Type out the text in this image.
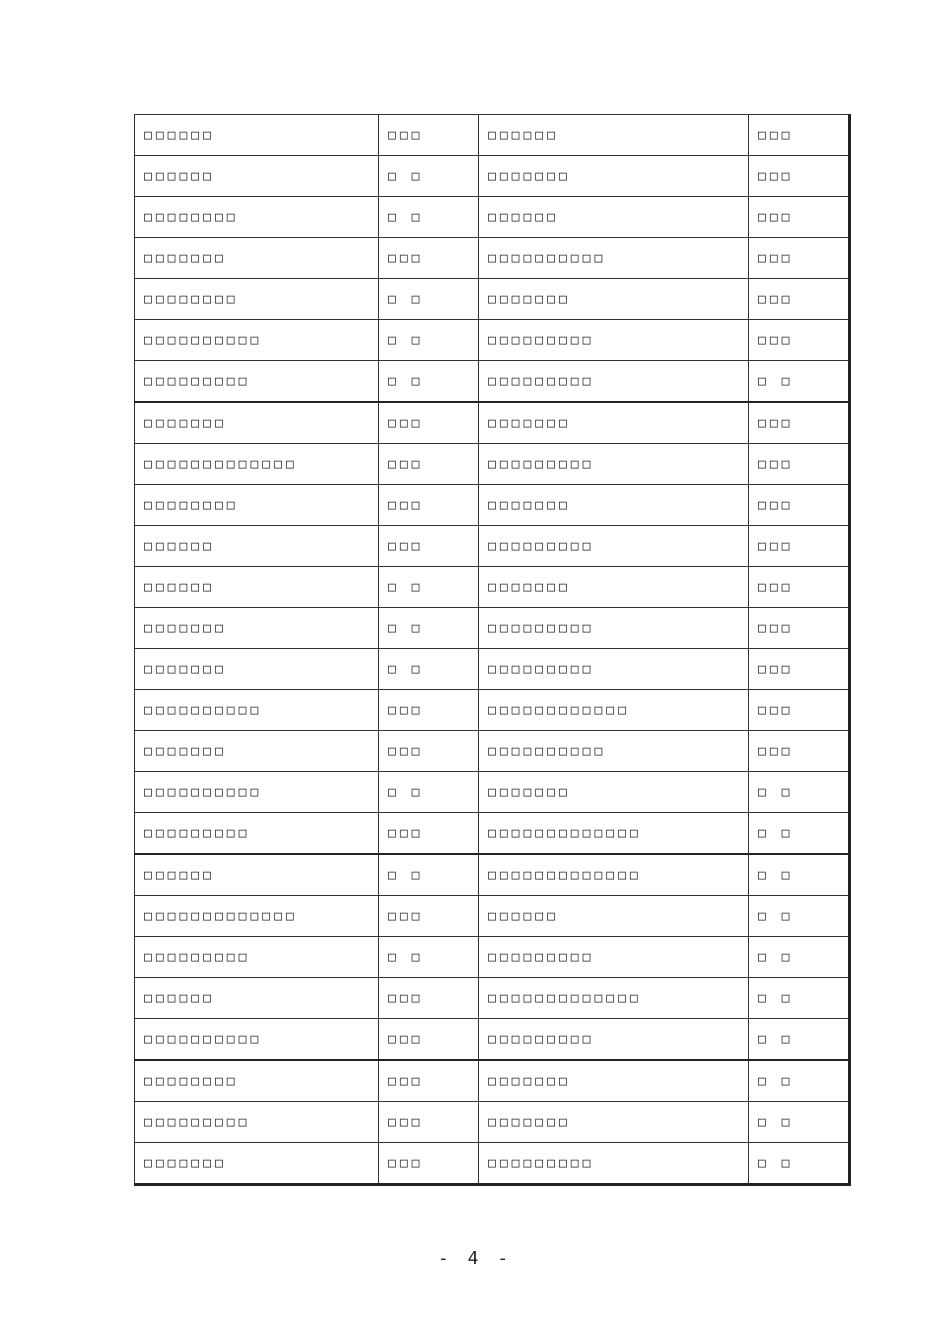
□□□□□□	□□□	□□□□□□	□□□
□□□□□□	□ □	□□□□□□□	□□□
□□□□□□□□	□ □	□□□□□□	□□□
□□□□□□□	□□□	□□□□□□□□□□	□□□
□□□□□□□□	□ □	□□□□□□□	□□□
□□□□□□□□□□	□ □	□□□□□□□□□	□□□
□□□□□□□□□	□ □	□□□□□□□□□	□ □
□□□□□□□	□□□	□□□□□□□	□□□
□□□□□□□□□□□□□	□□□	□□□□□□□□□	□□□
□□□□□□□□	□□□	□□□□□□□	□□□
□□□□□□	□□□	□□□□□□□□□	□□□
□□□□□□	□ □	□□□□□□□	□□□
□□□□□□□	□ □	□□□□□□□□□	□□□
□□□□□□□	□ □	□□□□□□□□□	□□□
□□□□□□□□□□	□□□	□□□□□□□□□□□□	□□□
□□□□□□□	□□□	□□□□□□□□□□	□□□
□□□□□□□□□□	□ □	□□□□□□□	□ □
□□□□□□□□□	□□□	□□□□□□□□□□□□□	□ □
□□□□□□	□ □	□□□□□□□□□□□□□	□ □
□□□□□□□□□□□□□	□□□	□□□□□□	□ □
□□□□□□□□□	□ □	□□□□□□□□□	□ □
□□□□□□	□□□	□□□□□□□□□□□□□	□ □
□□□□□□□□□□	□□□	□□□□□□□□□	□ □
□□□□□□□□	□□□	□□□□□□□	□ □
□□□□□□□□□	□□□	□□□□□□□	□ □
□□□□□□□	□□□	□□□□□□□□□	□ □
- 4 -
